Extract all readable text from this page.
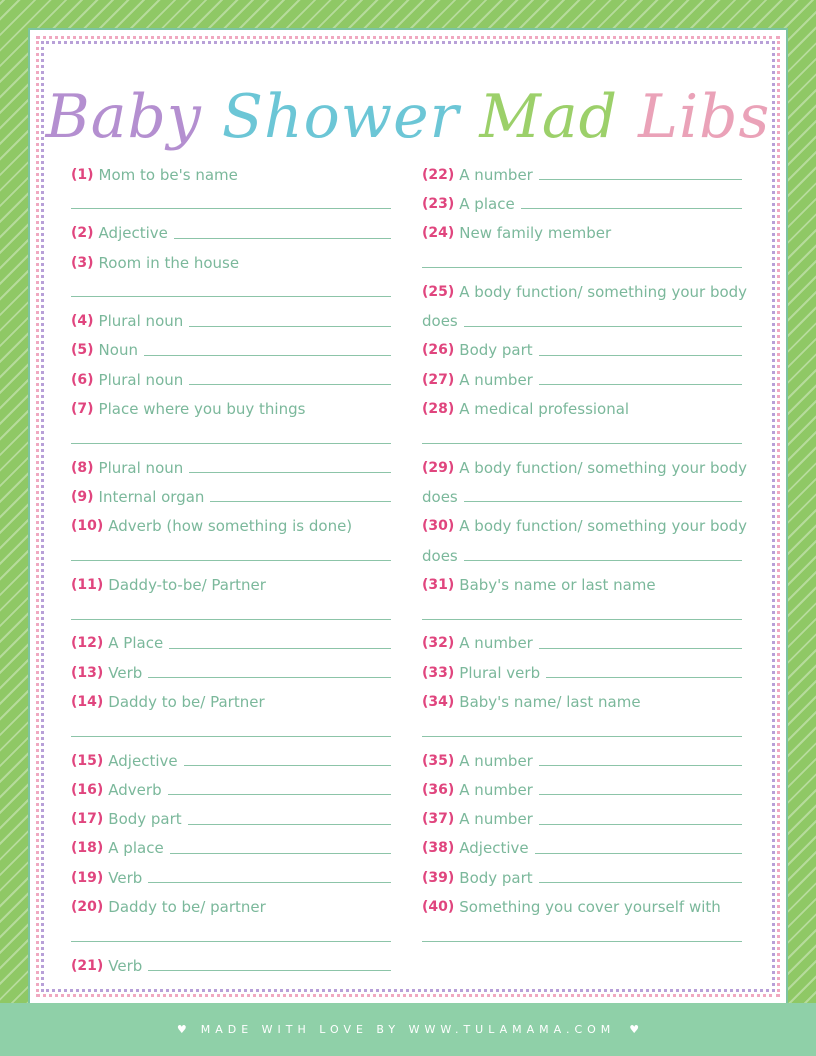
Baby Shower Mad Libs
(1) Mom to be's name
(2) Adjective
(3) Room in the house
(4) Plural noun
(5) Noun
(6) Plural noun
(7) Place where you buy things
(8) Plural noun
(9) Internal organ
(10) Adverb (how something is done)
(11) Daddy-to-be/ Partner
(12) A Place
(13) Verb
(14) Daddy to be/ Partner
(15) Adjective
(16) Adverb
(17) Body part
(18) A place
(19) Verb
(20) Daddy to be/ partner
(21) Verb
(22) A number
(23) A place
(24) New family member
(25) A body function/ something your body
does
(26) Body part
(27) A number
(28) A medical professional
(29) A body function/ something your body
does
(30) A body function/ something your body
does
(31) Baby's name or last name
(32) A number
(33) Plural verb
(34) Baby's name/ last name
(35) A number
(36) A number
(37) A number
(38) Adjective
(39) Body part
(40) Something you cover yourself with
♥ MADE WITH LOVE BY WWW.TULAMAMA.COM ♥
